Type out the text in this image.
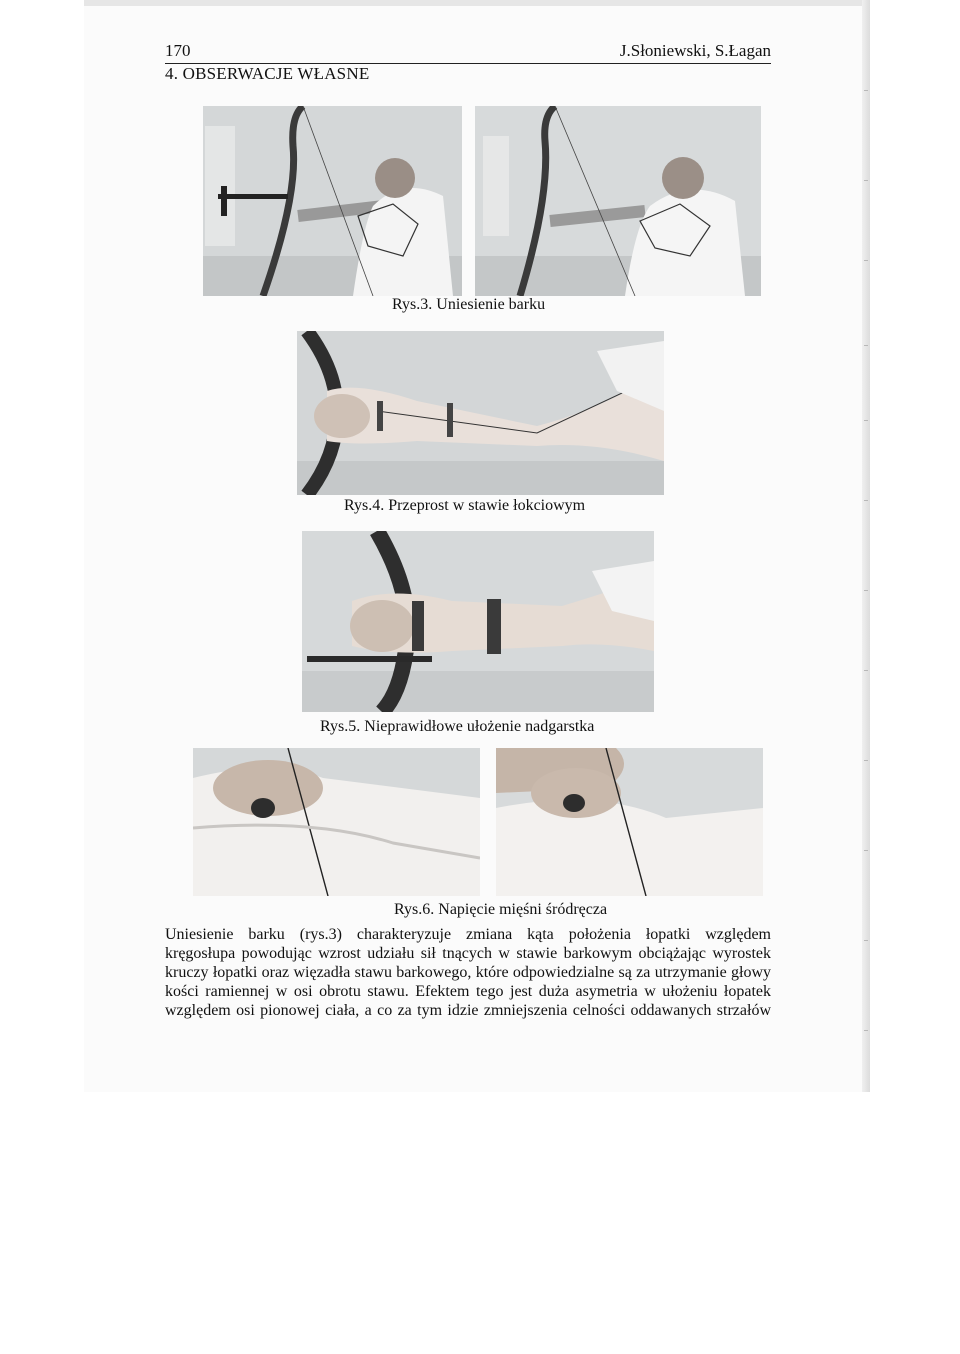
170	J.Słoniewski, S.Łagan
4. OBSERWACJE WŁASNE
Rys.3. Uniesienie barku
Rys.4. Przeprost w stawie łokciowym
Rys.5. Nieprawidłowe ułożenie nadgarstka
Rys.6. Napięcie mięśni śródręcza

Uniesienie barku (rys.3) charakteryzuje zmiana kąta położenia łopatki względem

kręgosłupa powodując wzrost udziału sił tnących w stawie barkowym obciążając wyrostek

kruczy łopatki oraz więzadła stawu barkowego, które odpowiedzialne są za utrzymanie głowy

kości ramiennej w osi obrotu stawu. Efektem tego jest duża asymetria w ułożeniu łopatek

względem osi pionowej ciała, a co za tym idzie zmniejszenia celności oddawanych strzałów
